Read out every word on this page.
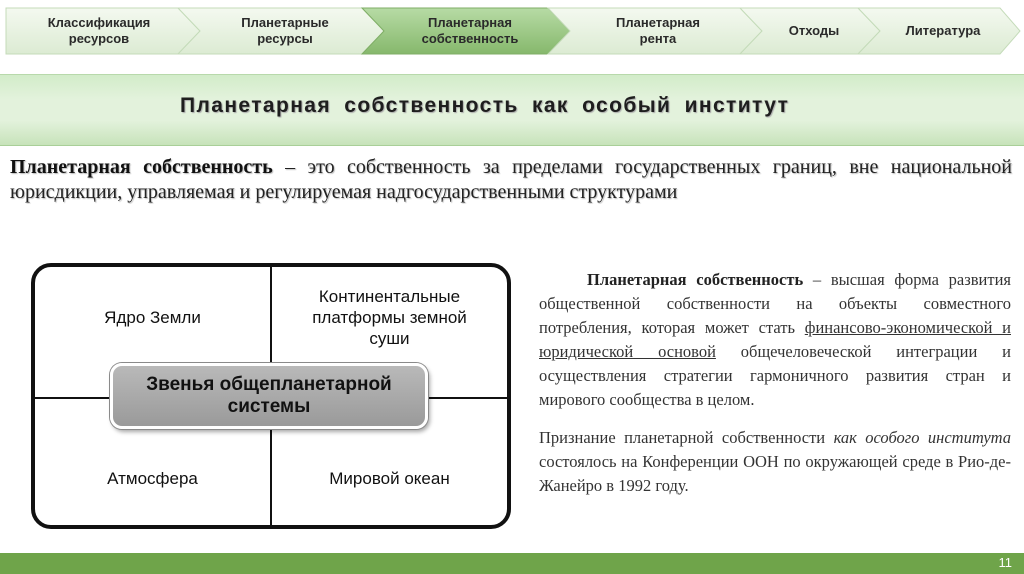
Классификация
ресурсов
Планетарные
ресурсы
Планетарная
собственность
Планетарная
рента
Отходы	Литература
Планетарная собственность как особый институт
Планетарная собственность – это собственность за пределами государственных границ, вне национальной юрисдикции, управляемая и регулируемая надгосударственными структурами
Ядро Земли
Континентальные
платформы земной
суши
Атмосфера	Мировой океан
Звенья общепланетарной
системы

Планетарная собственность – высшая форма развития общественной собственности на объекты совместного потребления, которая может стать финансово-экономической и юридической основой общечеловеческой интеграции и осуществления стратегии гармоничного развития стран и мирового сообщества в целом.

Признание планетарной собственности как особого института состоялось на Конференции ООН по окружающей среде в Рио-де-Жанейро в 1992 году.

11
